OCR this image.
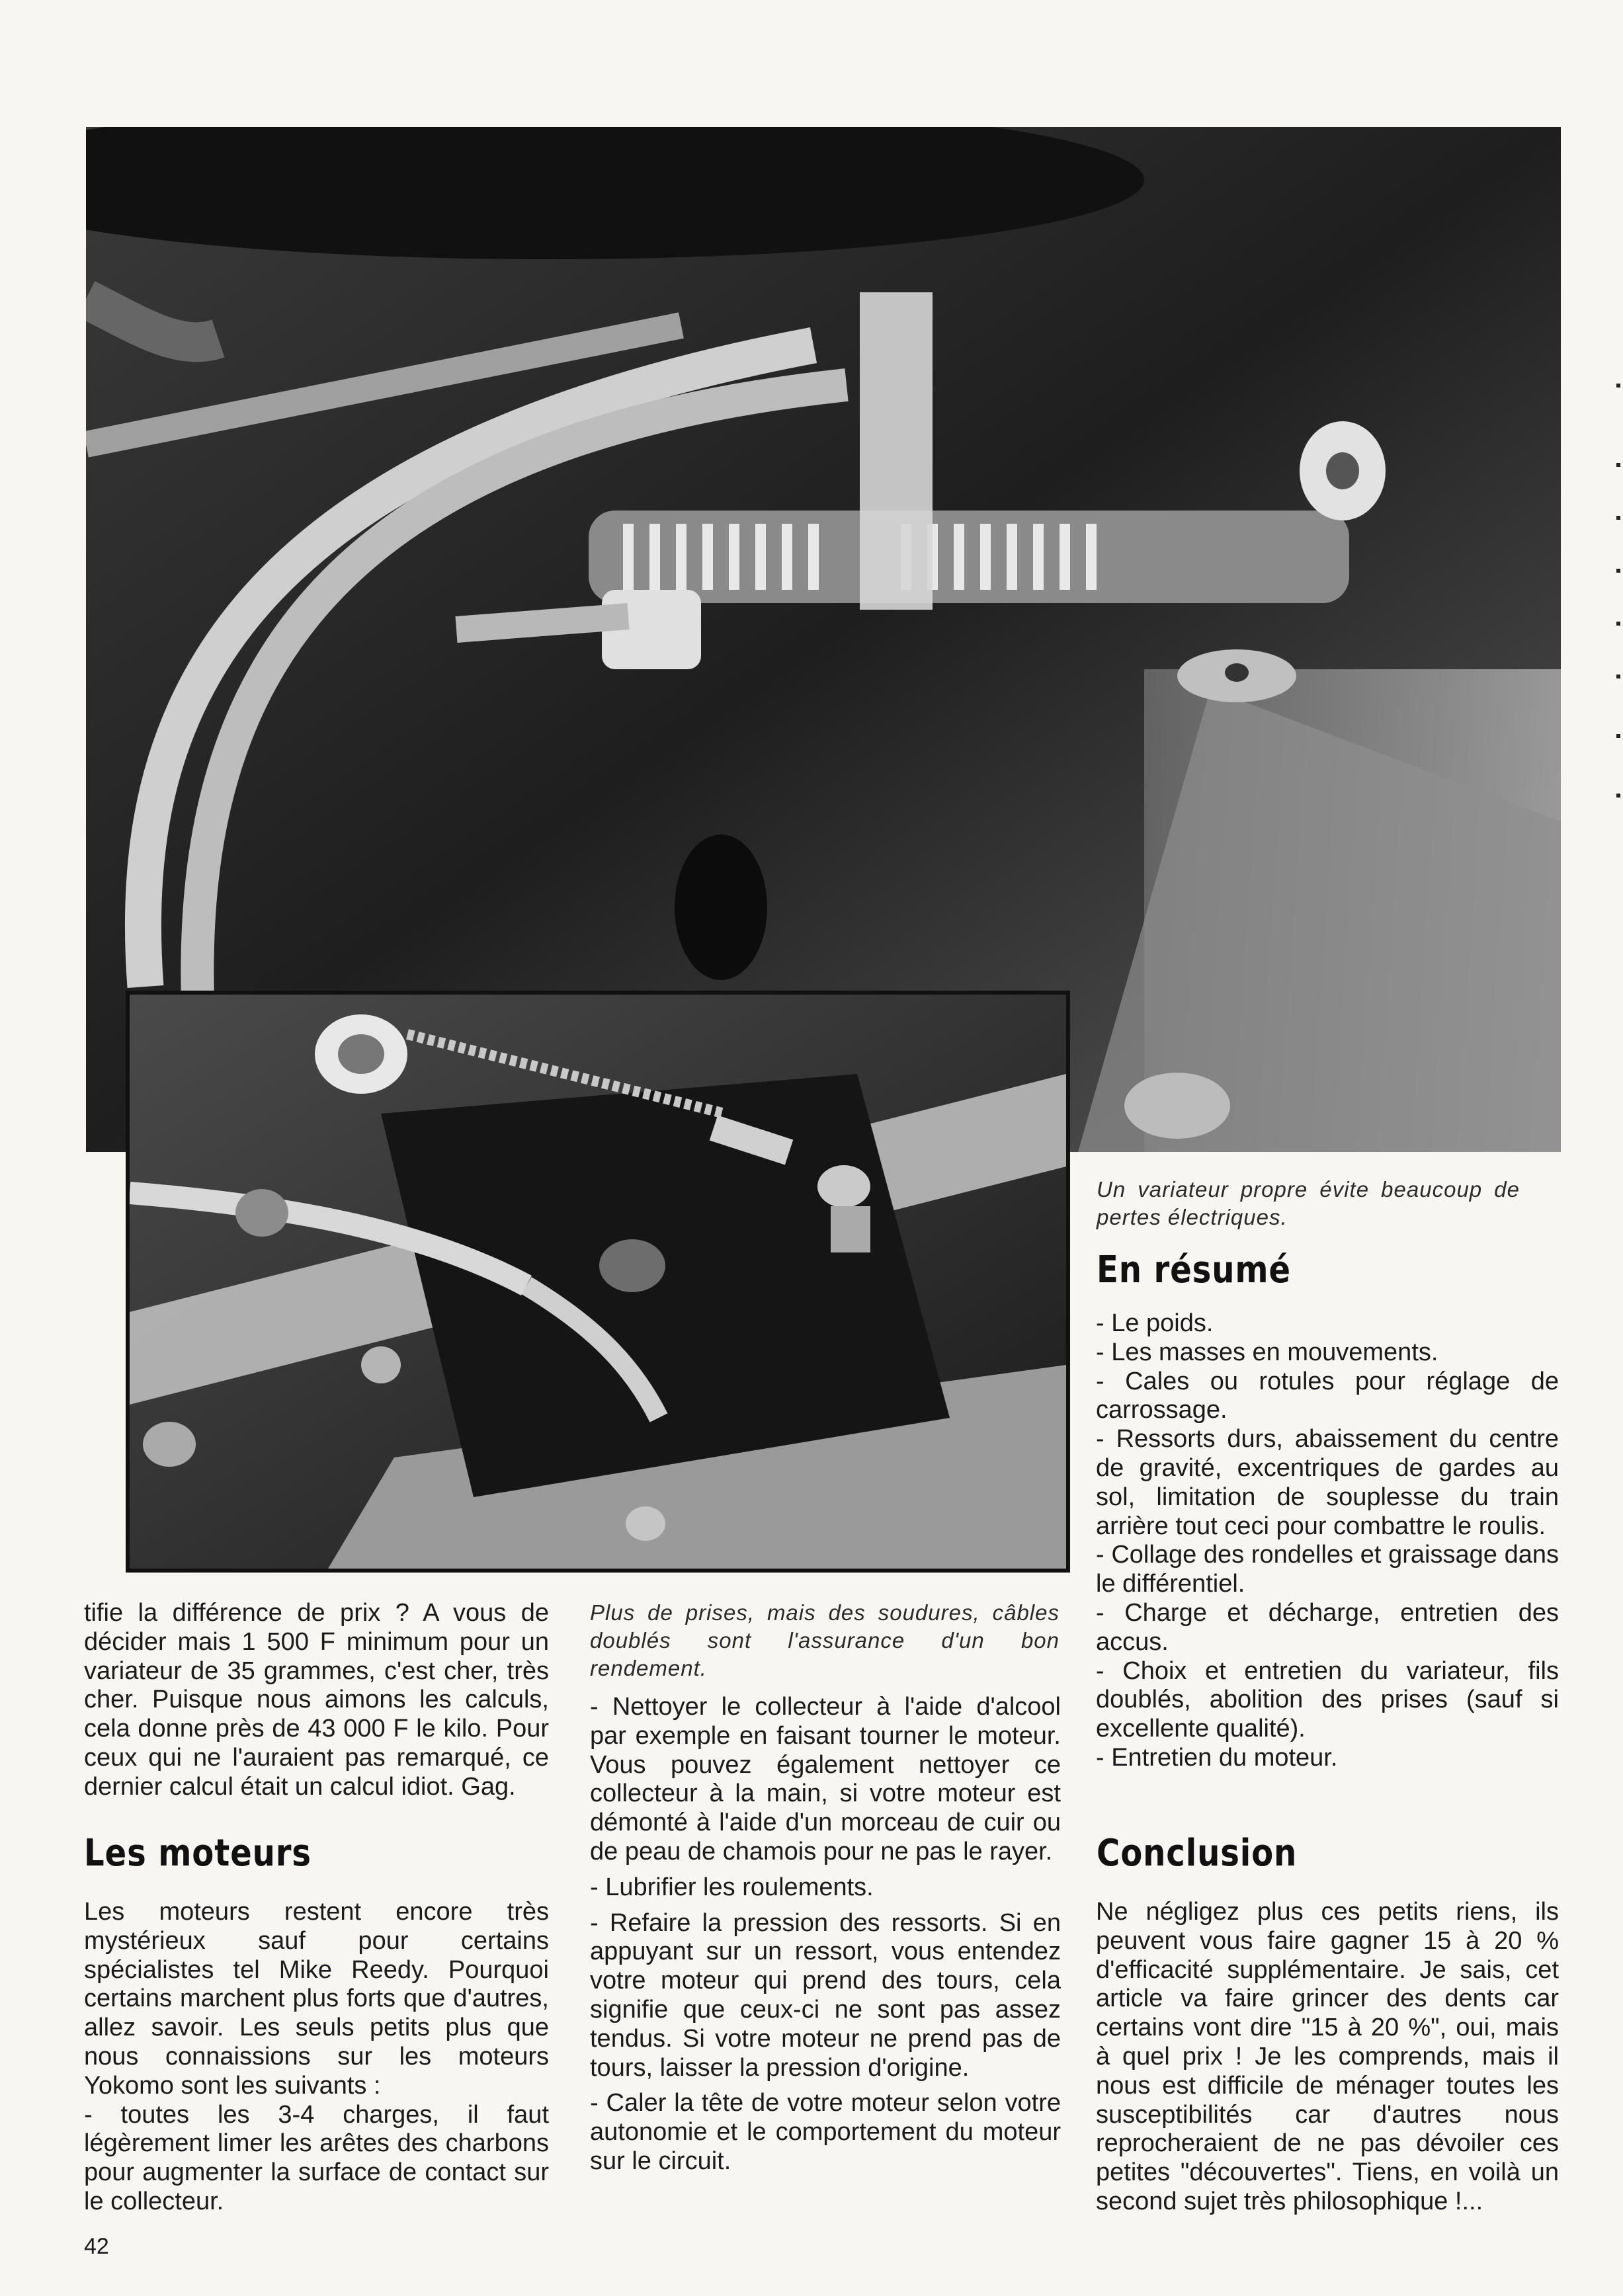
Un variateur propre évite beaucoup de pertes électriques.
Plus de prises, mais des soudures, câbles doublés sont l'assurance d'un bon rendement.

tifie la différence de prix ? A vous de décider mais 1 500 F minimum pour un variateur de 35 grammes, c'est cher, très cher. Puisque nous aimons les calculs, cela donne près de 43 000 F le kilo. Pour ceux qui ne l'auraient pas remarqué, ce dernier calcul était un calcul idiot. Gag.

Les moteurs

Les moteurs restent encore très mystérieux sauf pour certains spécialistes tel Mike Reedy. Pourquoi certains marchent plus forts que d'autres, allez savoir. Les seuls petits plus que nous connaissions sur les moteurs Yokomo sont les suivants :

- toutes les 3-4 charges, il faut légèrement limer les arêtes des charbons pour augmenter la surface de contact sur le collecteur.

- Nettoyer le collecteur à l'aide d'alcool par exemple en faisant tourner le moteur. Vous pouvez également nettoyer ce collecteur à la main, si votre moteur est démonté à l'aide d'un morceau de cuir ou de peau de chamois pour ne pas le rayer.

- Lubrifier les roulements.

- Refaire la pression des ressorts. Si en appuyant sur un ressort, vous entendez votre moteur qui prend des tours, cela signifie que ceux-ci ne sont pas assez tendus. Si votre moteur ne prend pas de tours, laisser la pression d'origine.

- Caler la tête de votre moteur selon votre autonomie et le comportement du moteur sur le circuit.

En résumé

- Le poids.

- Les masses en mouvements.

- Cales ou rotules pour réglage de carrossage.

- Ressorts durs, abaissement du centre de gravité, excentriques de gardes au sol, limitation de souplesse du train arrière tout ceci pour combattre le roulis.

- Collage des rondelles et graissage dans le différentiel.

- Charge et décharge, entretien des accus.

- Choix et entretien du variateur, fils doublés, abolition des prises (sauf si excellente qualité).

- Entretien du moteur.

Conclusion

Ne négligez plus ces petits riens, ils peuvent vous faire gagner 15 à 20 % d'efficacité supplémentaire. Je sais, cet article va faire grincer des dents car certains vont dire "15 à 20 %", oui, mais à quel prix ! Je les comprends, mais il nous est difficile de ménager toutes les susceptibilités car d'autres nous reprocheraient de ne pas dévoiler ces petites "découvertes". Tiens, en voilà un second sujet très philosophique !...

42
